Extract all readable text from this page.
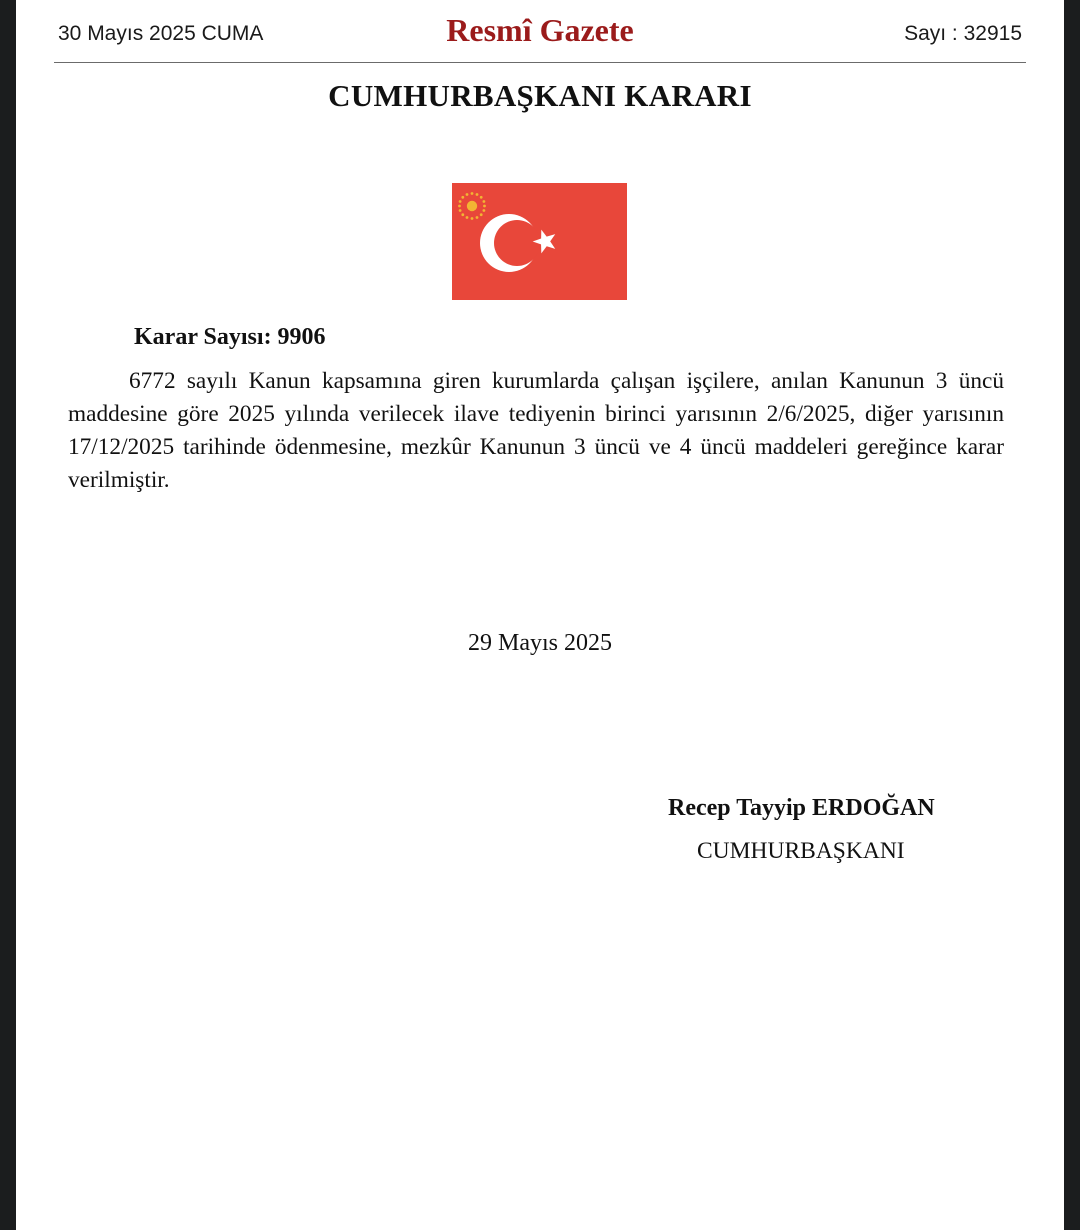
30 Mayıs 2025 CUMA	Resmî Gazete	Sayı : 32915
CUMHURBAŞKANI KARARI
Karar Sayısı: 9906
6772 sayılı Kanun kapsamına giren kurumlarda çalışan işçilere, anılan Kanunun 3 üncü maddesine göre 2025 yılında verilecek ilave tediyenin birinci yarısının 2/6/2025, diğer yarısının 17/12/2025 tarihinde ödenmesine, mezkûr Kanunun 3 üncü ve 4 üncü maddeleri gereğince karar verilmiştir.
29 Mayıs 2025
Recep Tayyip ERDOĞAN
CUMHURBAŞKANI
